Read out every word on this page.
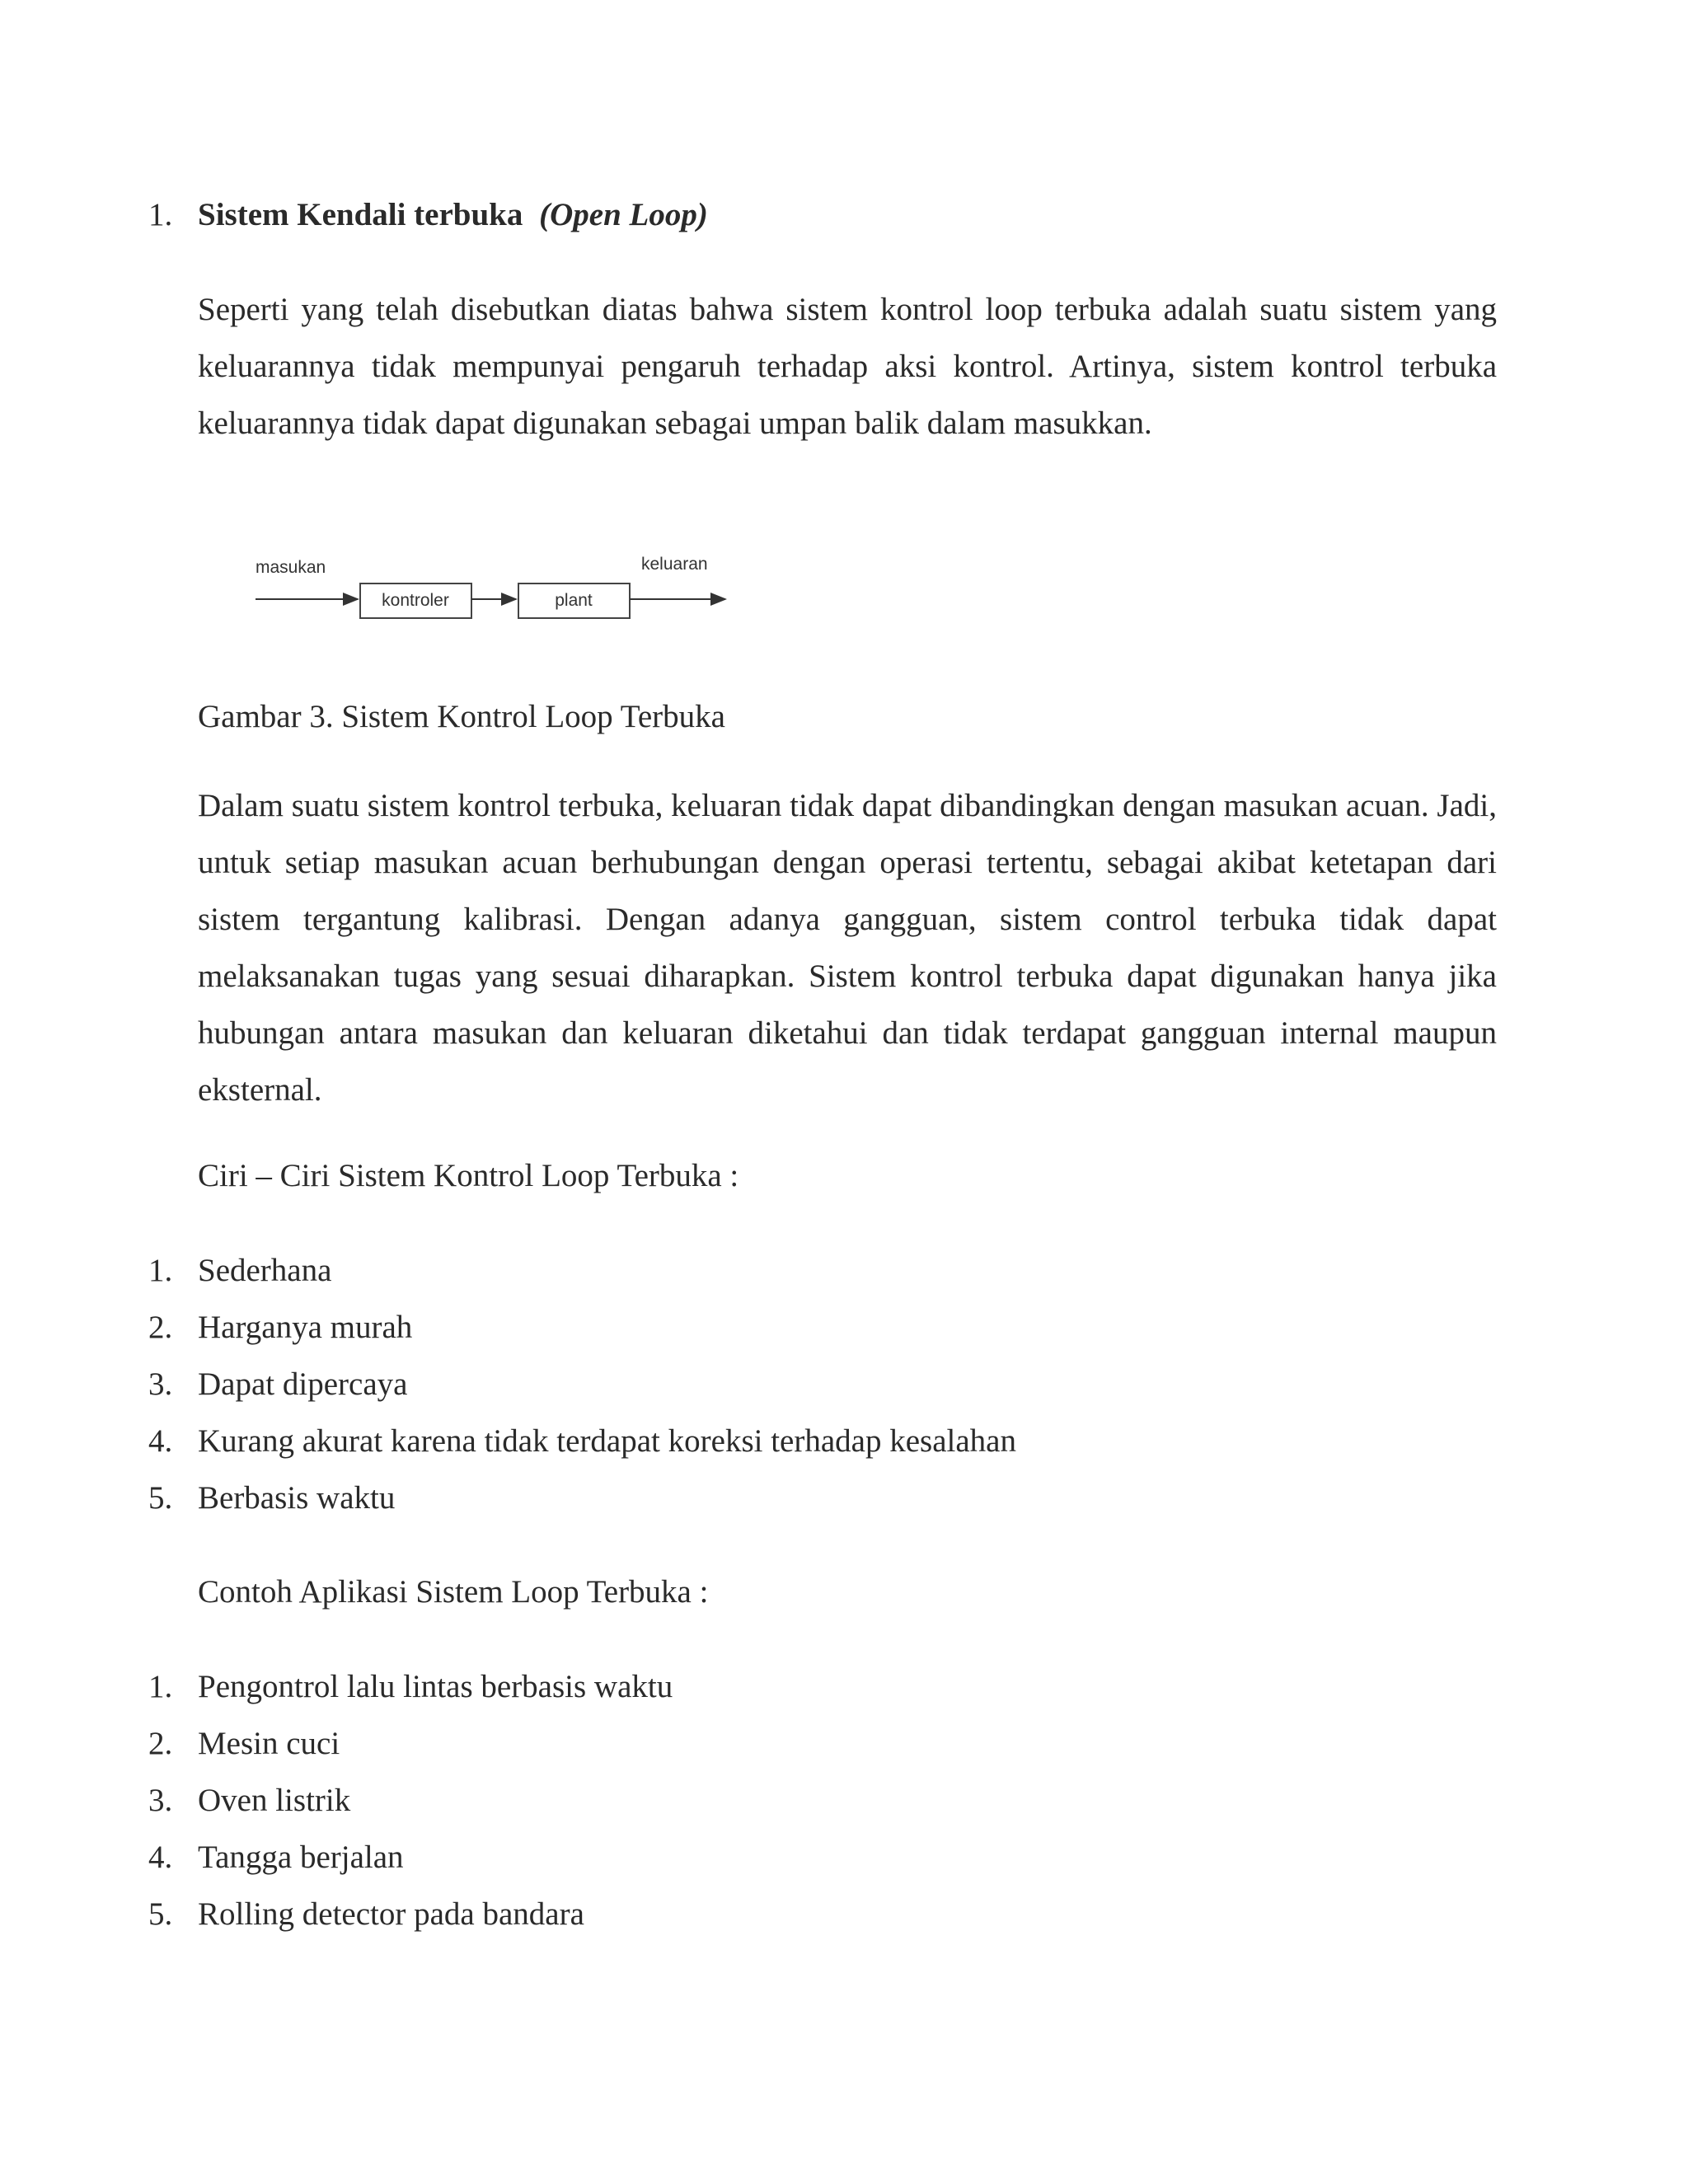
1. Sistem Kendali terbuka (Open Loop)
Seperti yang telah disebutkan diatas bahwa sistem kontrol loop terbuka adalah suatu sistem yang keluarannya tidak mempunyai pengaruh terhadap aksi kontrol. Artinya, sistem kontrol terbuka keluarannya tidak dapat digunakan sebagai umpan balik dalam masukkan.
masukan	keluaran
kontroler	plant
Gambar 3. Sistem Kontrol Loop Terbuka
Dalam suatu sistem kontrol terbuka, keluaran tidak dapat dibandingkan dengan masukan acuan. Jadi, untuk setiap masukan acuan berhubungan dengan operasi tertentu, sebagai akibat ketetapan dari sistem tergantung kalibrasi. Dengan adanya gangguan, sistem control terbuka tidak dapat melaksanakan tugas yang sesuai diharapkan. Sistem kontrol terbuka dapat digunakan hanya jika hubungan antara masukan dan keluaran diketahui dan tidak terdapat gangguan internal maupun eksternal.
Ciri – Ciri Sistem Kontrol Loop Terbuka :
1. Sederhana
2. Harganya murah
3. Dapat dipercaya
4. Kurang akurat karena tidak terdapat koreksi terhadap kesalahan
5. Berbasis waktu
Contoh Aplikasi Sistem Loop Terbuka :
1. Pengontrol lalu lintas berbasis waktu
2. Mesin cuci
3. Oven listrik
4. Tangga berjalan
5. Rolling detector pada bandara
